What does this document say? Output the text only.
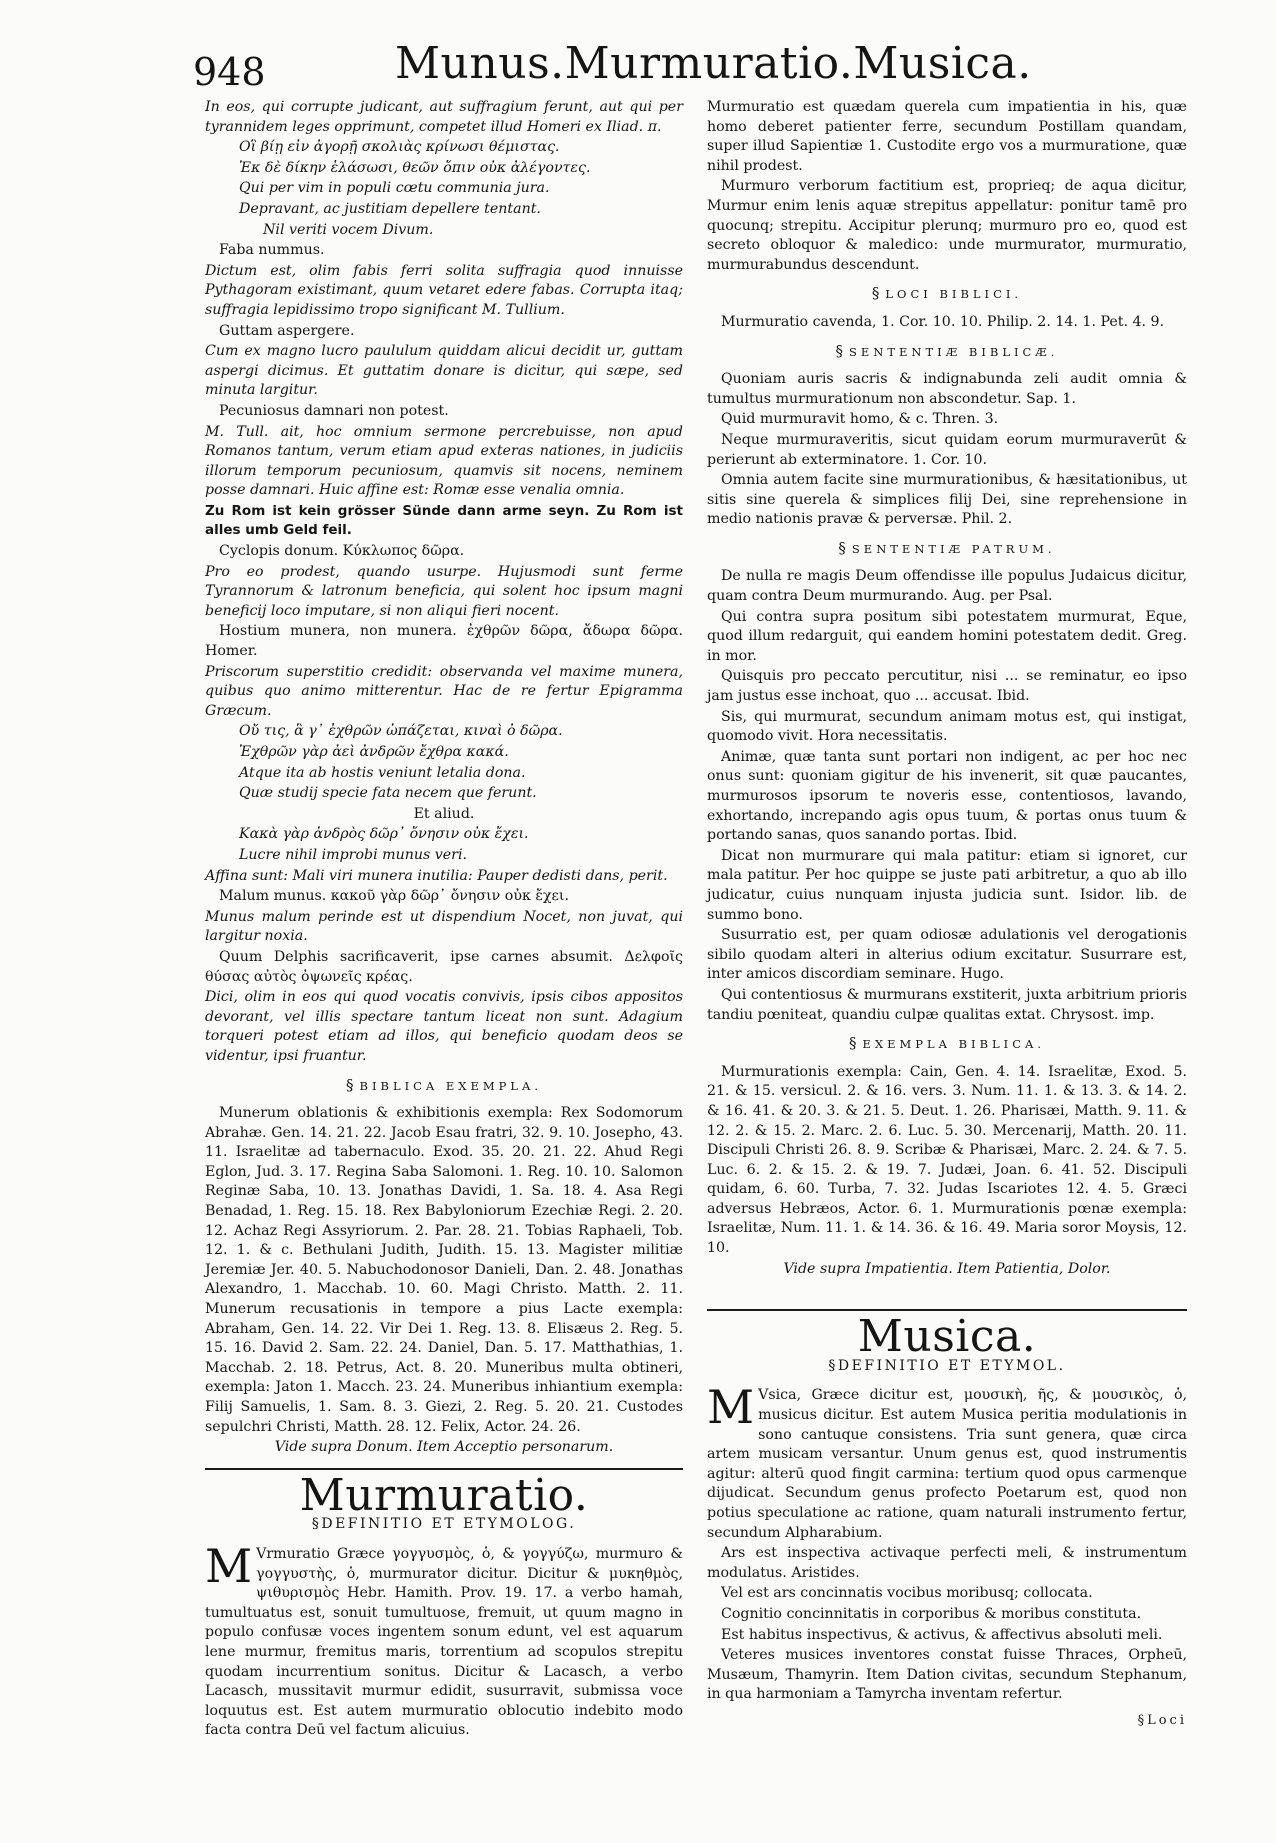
948	Munus.Murmuratio.Musica.

In eos, qui corrupte judicant, aut suffragium ferunt, aut qui per tyrannidem leges opprimunt, competet illud Homeri ex Iliad. π.

Οἳ βίῃ εἰν ἀγορῇ σκολιὰς κρίνωσι θέμιστας.

Ἐκ δὲ δίκην ἐλάσωσι, θεῶν ὄπιν οὐκ ἀλέγοντες.

Qui per vim in populi cœtu communia jura.

Depravant, ac justitiam depellere tentant.

Nil veriti vocem Divum.

Faba nummus.

Dictum est, olim fabis ferri solita suffragia quod innuisse Pythagoram existimant, quum vetaret edere fabas. Corrupta itaq; suffragia lepidissimo tropo significant M. Tullium.

Guttam aspergere.

Cum ex magno lucro paululum quiddam alicui decidit ur, guttam aspergi dicimus. Et guttatim donare is dicitur, qui sæpe, sed minuta largitur.

Pecuniosus damnari non potest.

M. Tull. ait, hoc omnium sermone percrebuisse, non apud Romanos tantum, verum etiam apud exteras nationes, in judiciis illorum temporum pecuniosum, quamvis sit nocens, neminem posse damnari. Huic affine est: Romæ esse venalia omnia.

Zu Rom ist kein grösser Sünde dann arme seyn. Zu Rom ist alles umb Geld feil.

Cyclopis donum. Κύκλωπος δῶρα.

Pro eo prodest, quando usurpe. Hujusmodi sunt ferme Tyrannorum & latronum beneficia, qui solent hoc ipsum magni beneficij loco imputare, si non aliqui fieri nocent.

Hostium munera, non munera. ἐχθρῶν δῶρα, ἄδωρα δῶρα. Homer.

Priscorum superstitio credidit: observanda vel maxime munera, quibus quo animo mitterentur. Hac de re fertur Epigramma Græcum.

Οὔ τις, ἃ γ᾽ ἐχθρῶν ὠπάζεται, κιναὶ ὀ δῶρα.

Ἐχθρῶν γὰρ ἀεὶ ἀνδρῶν ἔχθρα κακά.

Atque ita ab hostis veniunt letalia dona.

Quæ studij specie fata necem que ferunt.

Et aliud.

Κακὰ γὰρ ἀνδρὸς δῶρ᾽ ὄνησιν οὐκ ἔχει.

Lucre nihil improbi munus veri.

Affina sunt: Mali viri munera inutilia: Pauper dedisti dans, perit.

Malum munus. κακοῦ γὰρ δῶρ᾽ ὄνησιν οὐκ ἔχει.

Munus malum perinde est ut dispendium Nocet, non juvat, qui largitur noxia.

Quum Delphis sacrificaverit, ipse carnes absumit. Δελφοῖς θύσας αὐτὸς ὀψωνεῖς κρέας.

Dici, olim in eos qui quod vocatis convivis, ipsis cibos appositos devorant, vel illis spectare tantum liceat non sunt. Adagium torqueri potest etiam ad illos, qui beneficio quodam deos se videntur, ipsi fruantur.

§ BIBLICA EXEMPLA.

Munerum oblationis & exhibitionis exempla: Rex Sodomorum Abrahæ. Gen. 14. 21. 22. Jacob Esau fratri, 32. 9. 10. Josepho, 43. 11. Israelitæ ad tabernaculo. Exod. 35. 20. 21. 22. Ahud Regi Eglon, Jud. 3. 17. Regina Saba Salomoni. 1. Reg. 10. 10. Salomon Reginæ Saba, 10. 13. Jonathas Davidi, 1. Sa. 18. 4. Asa Regi Benadad, 1. Reg. 15. 18. Rex Babyloniorum Ezechiæ Regi. 2. 20. 12. Achaz Regi Assyriorum. 2. Par. 28. 21. Tobias Raphaeli, Tob. 12. 1. & c. Bethulani Judith, Judith. 15. 13. Magister militiæ Jeremiæ Jer. 40. 5. Nabuchodonosor Danieli, Dan. 2. 48. Jonathas Alexandro, 1. Macchab. 10. 60. Magi Christo. Matth. 2. 11. Munerum recusationis in tempore a pius Lacte exempla: Abraham, Gen. 14. 22. Vir Dei 1. Reg. 13. 8. Elisæus 2. Reg. 5. 15. 16. David 2. Sam. 22. 24. Daniel, Dan. 5. 17. Matthathias, 1. Macchab. 2. 18. Petrus, Act. 8. 20. Muneribus multa obtineri, exempla: Jaton 1. Macch. 23. 24. Muneribus inhiantium exempla: Filij Samuelis, 1. Sam. 8. 3. Giezi, 2. Reg. 5. 20. 21. Custodes sepulchri Christi, Matth. 28. 12. Felix, Actor. 24. 26.

Vide supra Donum. Item Acceptio personarum.

Murmuratio.
§DEFINITIO ET ETYMOLOG.

M Vrmuratio Græce γογγυσμὸς, ὁ, & γογγύζω, murmuro & γογγυστὴς, ὁ, murmurator dicitur. Dicitur & μυκηθμὸς, ψιθυρισμὸς Hebr. Hamith. Prov. 19. 17. a verbo hamah, tumultuatus est, sonuit tumultuose, fremuit, ut quum magno in populo confusæ voces ingentem sonum edunt, vel est aquarum lene murmur, fremitus maris, torrentium ad scopulos strepitu quodam incurrentium sonitus. Dicitur & Lacasch, a verbo Lacasch, mussitavit murmur edidit, susurravit, submissa voce loquutus est. Est autem murmuratio oblocutio indebito modo facta contra Deū vel factum alicuius.

Murmuratio est quædam querela cum impatientia in his, quæ homo deberet patienter ferre, secundum Postillam quandam, super illud Sapientiæ 1. Custodite ergo vos a murmuratione, quæ nihil prodest.

Murmuro verborum factitium est, proprieq; de aqua dicitur, Murmur enim lenis aquæ strepitus appellatur: ponitur tamē pro quocunq; strepitu. Accipitur plerunq; murmuro pro eo, quod est secreto obloquor & maledico: unde murmurator, murmuratio, murmurabundus descendunt.

§ LOCI BIBLICI.

Murmuratio cavenda, 1. Cor. 10. 10. Philip. 2. 14. 1. Pet. 4. 9.

§ SENTENTIÆ BIBLICÆ.

Quoniam auris sacris & indignabunda zeli audit omnia & tumultus murmurationum non abscondetur. Sap. 1.

Quid murmuravit homo, & c. Thren. 3.

Neque murmuraveritis, sicut quidam eorum murmuraverūt & perierunt ab exterminatore. 1. Cor. 10.

Omnia autem facite sine murmurationibus, & hæsitationibus, ut sitis sine querela & simplices filij Dei, sine reprehensione in medio nationis pravæ & perversæ. Phil. 2.

§ SENTENTIÆ PATRUM.

De nulla re magis Deum offendisse ille populus Judaicus dicitur, quam contra Deum murmurando. Aug. per Psal.

Qui contra supra positum sibi potestatem murmurat, Eque, quod illum redarguit, qui eandem homini potestatem dedit. Greg. in mor.

Quisquis pro peccato percutitur, nisi ... se reminatur, eo ipso jam justus esse inchoat, quo ... accusat. Ibid.

Sis, qui murmurat, secundum animam motus est, qui instigat, quomodo vivit. Hora necessitatis.

Animæ, quæ tanta sunt portari non indigent, ac per hoc nec onus sunt: quoniam gigitur de his invenerit, sit quæ paucantes, murmurosos ipsorum te noveris esse, contentiosos, lavando, exhortando, increpando agis opus tuum, & portas onus tuum & portando sanas, quos sanando portas. Ibid.

Dicat non murmurare qui mala patitur: etiam si ignoret, cur mala patitur. Per hoc quippe se juste pati arbitretur, a quo ab illo judicatur, cuius nunquam injusta judicia sunt. Isidor. lib. de summo bono.

Susurratio est, per quam odiosæ adulationis vel derogationis sibilo quodam alteri in alterius odium excitatur. Susurrare est, inter amicos discordiam seminare. Hugo.

Qui contentiosus & murmurans exstiterit, juxta arbitrium prioris tandiu pœniteat, quandiu culpæ qualitas extat. Chrysost. imp.

§ EXEMPLA BIBLICA.

Murmurationis exempla: Cain, Gen. 4. 14. Israelitæ, Exod. 5. 21. & 15. versicul. 2. & 16. vers. 3. Num. 11. 1. & 13. 3. & 14. 2. & 16. 41. & 20. 3. & 21. 5. Deut. 1. 26. Pharisæi, Matth. 9. 11. & 12. 2. & 15. 2. Marc. 2. 6. Luc. 5. 30. Mercenarij, Matth. 20. 11. Discipuli Christi 26. 8. 9. Scribæ & Pharisæi, Marc. 2. 24. & 7. 5. Luc. 6. 2. & 15. 2. & 19. 7. Judæi, Joan. 6. 41. 52. Discipuli quidam, 6. 60. Turba, 7. 32. Judas Iscariotes 12. 4. 5. Græci adversus Hebræos, Actor. 6. 1. Murmurationis pœnæ exempla: Israelitæ, Num. 11. 1. & 14. 36. & 16. 49. Maria soror Moysis, 12. 10.

Vide supra Impatientia. Item Patientia, Dolor.

Musica.
§DEFINITIO ET ETYMOL.

M Vsica, Græce dicitur est, μουσικὴ, ῆς, & μουσικὸς, ὁ, musicus dicitur. Est autem Musica peritia modulationis in sono cantuque consistens. Tria sunt genera, quæ circa artem musicam versantur. Unum genus est, quod instrumentis agitur: alterū quod fingit carmina: tertium quod opus carmenque dijudicat. Secundum genus profecto Poetarum est, quod non potius speculatione ac ratione, quam naturali instrumento fertur, secundum Alpharabium.

Ars est inspectiva activaque perfecti meli, & instrumentum modulatus. Aristides.

Vel est ars concinnatis vocibus moribusq; collocata.

Cognitio concinnitatis in corporibus & moribus constituta.

Est habitus inspectivus, & activus, & affectivus absoluti meli.

Veteres musices inventores constat fuisse Thraces, Orpheū, Musæum, Thamyrin. Item Dation civitas, secundum Stephanum, in qua harmoniam a Tamyrcha inventam refertur.

§Loci
